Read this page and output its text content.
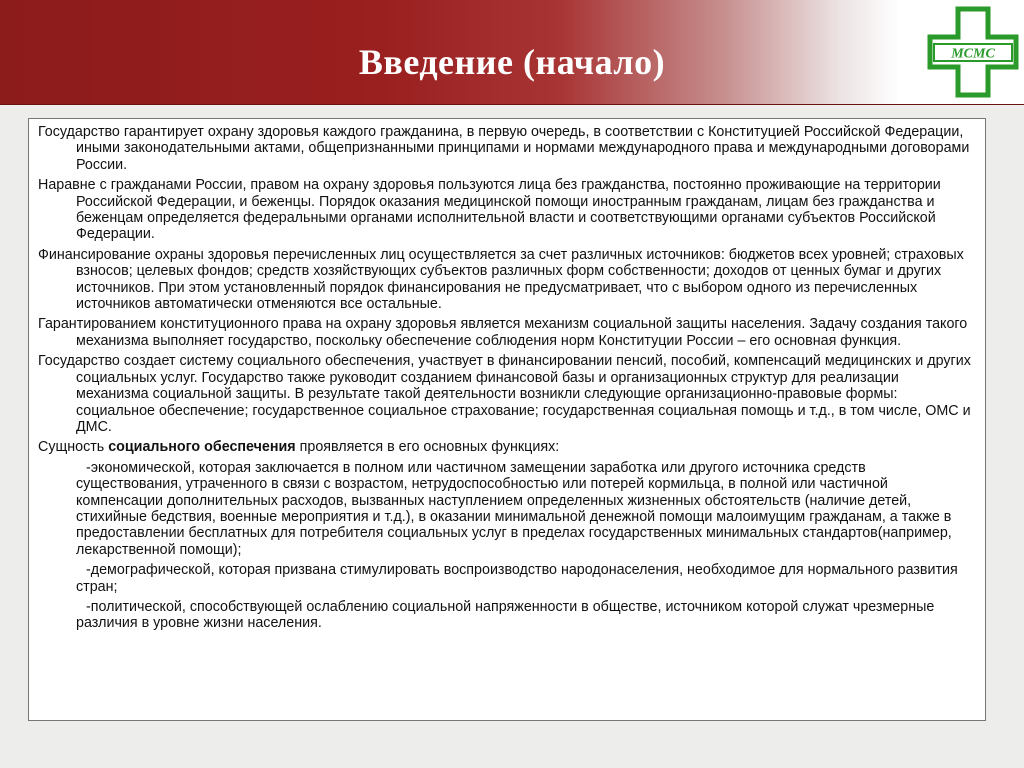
Введение (начало)	МСМС

Государство гарантирует охрану здоровья каждого гражданина, в первую очередь, в соответствии с Конституцией Российской Федерации, иными законодательными актами, общепризнанными принципами и нормами международного права и международными договорами России.

Наравне с гражданами России, правом на охрану здоровья пользуются лица без гражданства, постоянно проживающие на территории Российской Федерации, и беженцы. Порядок оказания медицинской помощи иностранным гражданам, лицам без гражданства и беженцам определяется федеральными органами исполнительной власти и соответствующими органами субъектов Российской Федерации.

Финансирование охраны здоровья перечисленных лиц осуществляется за счет различных источников: бюджетов всех уровней; страховых взносов; целевых фондов; средств хозяйствующих субъектов различных форм собственности; доходов от ценных бумаг и других источников. При этом установленный порядок финансирования не предусматривает, что с выбором одного из перечисленных источников автоматически отменяются все остальные.

Гарантированием конституционного права на охрану здоровья является механизм социальной защиты населения. Задачу создания такого механизма выполняет государство, поскольку обеспечение соблюдения норм Конституции России – его основная функция.

Государство создает систему социального обеспечения, участвует в финансировании пенсий, пособий, компенсаций медицинских и других социальных услуг. Государство также руководит созданием финансовой базы и организационных структур для реализации механизма социальной защиты. В результате такой деятельности возникли следующие организационно-правовые формы: социальное обеспечение; государственное социальное страхование; государственная социальная помощь и т.д., в том числе, ОМС и ДМС.

Сущность социального обеспечения проявляется в его основных функциях:

-экономической, которая заключается в полном или частичном замещении заработка или другого источника средств существования, утраченного в связи с возрастом, нетрудоспособностью или потерей кормильца, в полной или частичной компенсации дополнительных расходов, вызванных наступлением определенных жизненных обстоятельств (наличие детей, стихийные бедствия, военные мероприятия и т.д.), в оказании минимальной денежной помощи малоимущим гражданам, а также в предоставлении бесплатных для потребителя социальных услуг в пределах государственных минимальных стандартов(например, лекарственной помощи);

-демографической, которая призвана стимулировать воспроизводство народонаселения, необходимое для нормального развития стран;

-политической, способствующей ослаблению социальной напряженности в обществе, источником которой служат чрезмерные различия в уровне жизни населения.
